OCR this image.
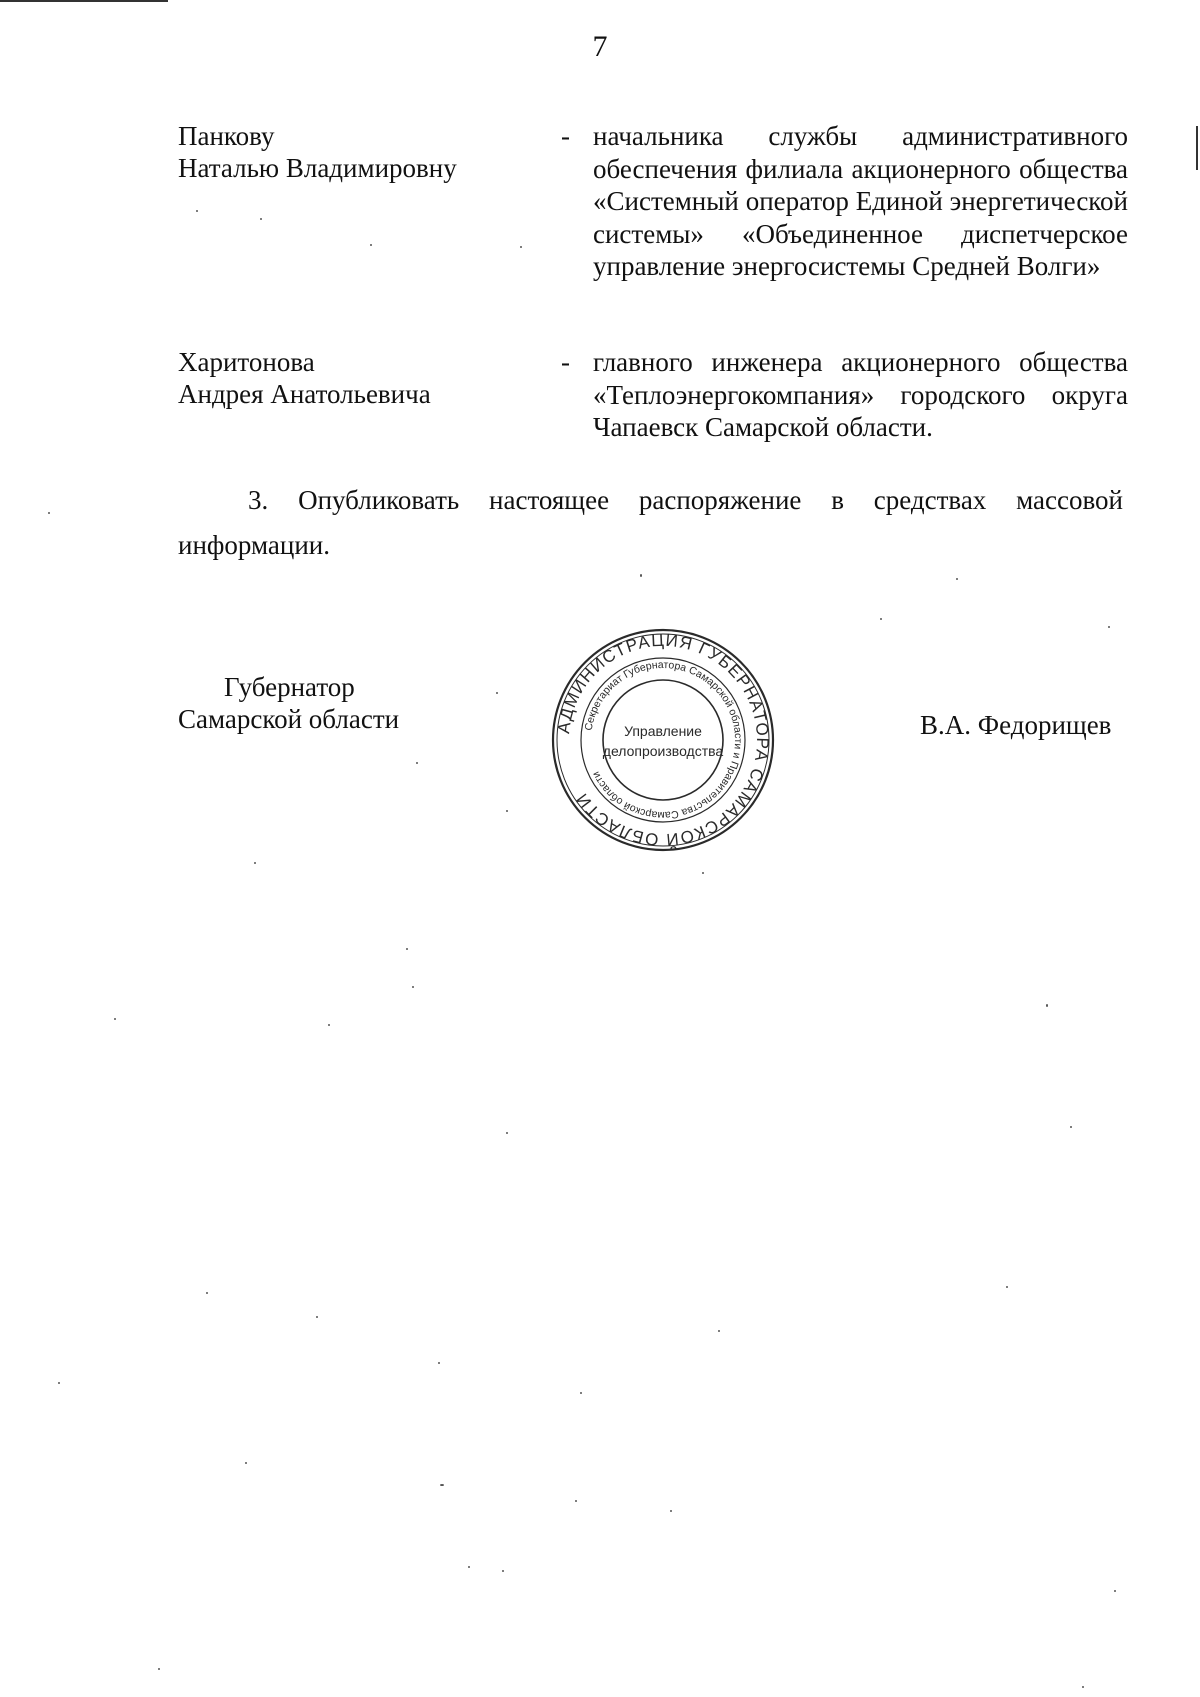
7
Панкову
Наталью Владимировну
- начальника службы административного обеспечения филиала акционерного общества «Системный оператор Единой энергетической системы» «Объединенное диспетчерское управление энергосистемы Средней Волги»
Харитонова
Андрея Анатольевича
- главного инженера акционерного общества «Теплоэнергокомпания» городского округа Чапаевск Самарской области.
3. Опубликовать настоящее распоряжение в средствах массовой информации.
Губернатор
Самарской области	АДМИНИСТРАЦИЯ ГУБЕРНАТОРА САМАРСКОЙ ОБЛАСТИ
Секретариат Губернатора Самарской области и Правительства Самарской области
Управление
делопроизводства
В.А. Федорищев
